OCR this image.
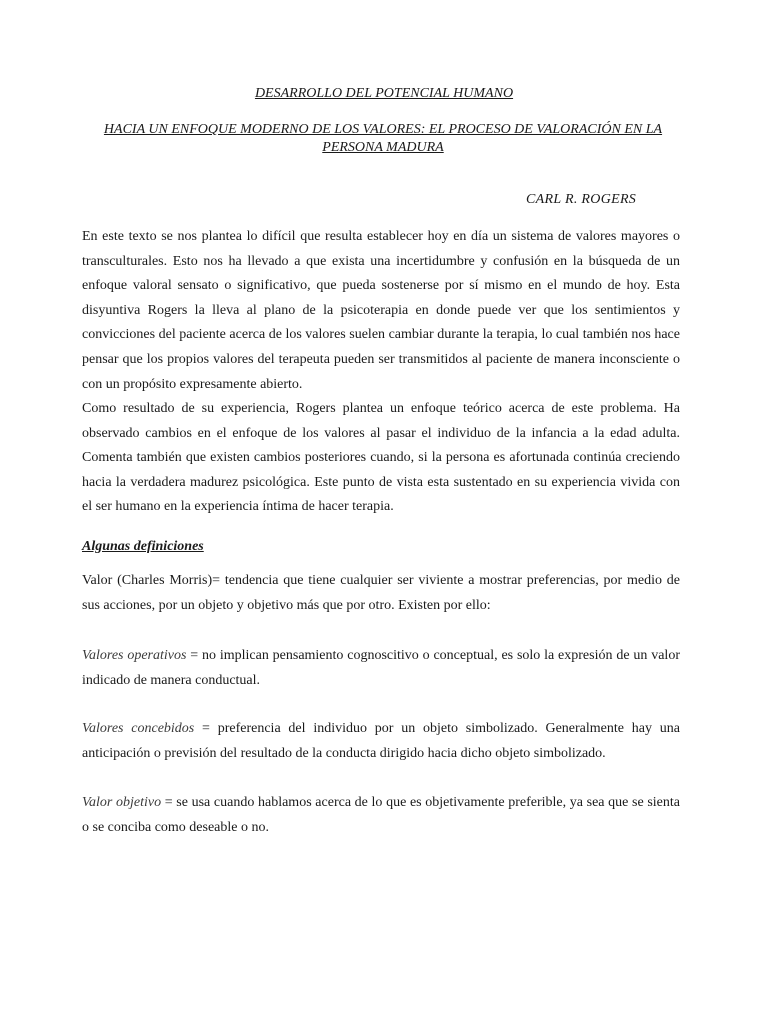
DESARROLLO DEL POTENCIAL HUMANO
HACIA UN ENFOQUE MODERNO DE LOS VALORES: EL PROCESO DE VALORACIÓN EN LA PERSONA MADURA
CARL R. ROGERS
En este texto se nos plantea lo difícil que resulta establecer hoy en día un sistema de valores mayores o transculturales. Esto nos ha llevado a que exista una incertidumbre y confusión en la búsqueda de un enfoque valoral sensato o significativo, que pueda sostenerse por sí mismo en el mundo de hoy. Esta disyuntiva Rogers la lleva al plano de la psicoterapia en donde puede ver que los sentimientos y convicciones del paciente acerca de los valores suelen cambiar durante la terapia, lo cual también nos hace pensar que los propios valores del terapeuta pueden ser transmitidos al paciente de manera inconsciente o con un propósito expresamente abierto.
Como resultado de su experiencia, Rogers plantea un enfoque teórico acerca de este problema. Ha observado cambios en el enfoque de los valores al pasar el individuo de la infancia a la edad adulta. Comenta también que existen cambios posteriores cuando, si la persona es afortunada continúa creciendo hacia la verdadera madurez psicológica. Este punto de vista esta sustentado en su experiencia vivida con el ser humano en la experiencia íntima de hacer terapia.
Algunas definiciones
Valor (Charles Morris)= tendencia que tiene cualquier ser viviente a mostrar preferencias, por medio de sus acciones, por un objeto y objetivo más que por otro. Existen por ello:
Valores operativos = no implican pensamiento cognoscitivo o conceptual, es solo la expresión de un valor indicado de manera conductual.
Valores concebidos = preferencia del individuo por un objeto simbolizado. Generalmente hay una anticipación o previsión del resultado de la conducta dirigido hacia dicho objeto simbolizado.
Valor objetivo = se usa cuando hablamos acerca de lo que es objetivamente preferible, ya sea que se sienta o se conciba como deseable o no.
